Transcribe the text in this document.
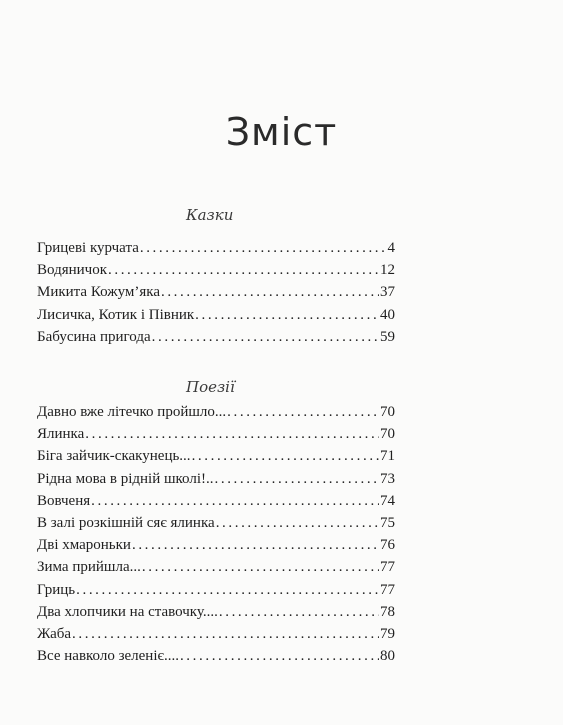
Зміст
Казки
Грицеві курчата .....	4
Водяничок .....	12
Микита Кожум’яка .....	37
Лисичка, Котик і Півник .....	40
Бабусина пригода .....	59
Поезії
Давно вже літечко пройшло... .....	70
Ялинка .....	70
Біга зайчик-скакунець... .....	71
Рідна мова в рідній школі!.. .....	73
Вовченя .....	74
В залі розкішній сяє ялинка .....	75
Дві хмароньки .....	76
Зима прийшла... .....	77
Гриць .....	77
Два хлопчики на ставочку.... .....	78
Жаба .....	79
Все навколо зеленіє.... .....	80
